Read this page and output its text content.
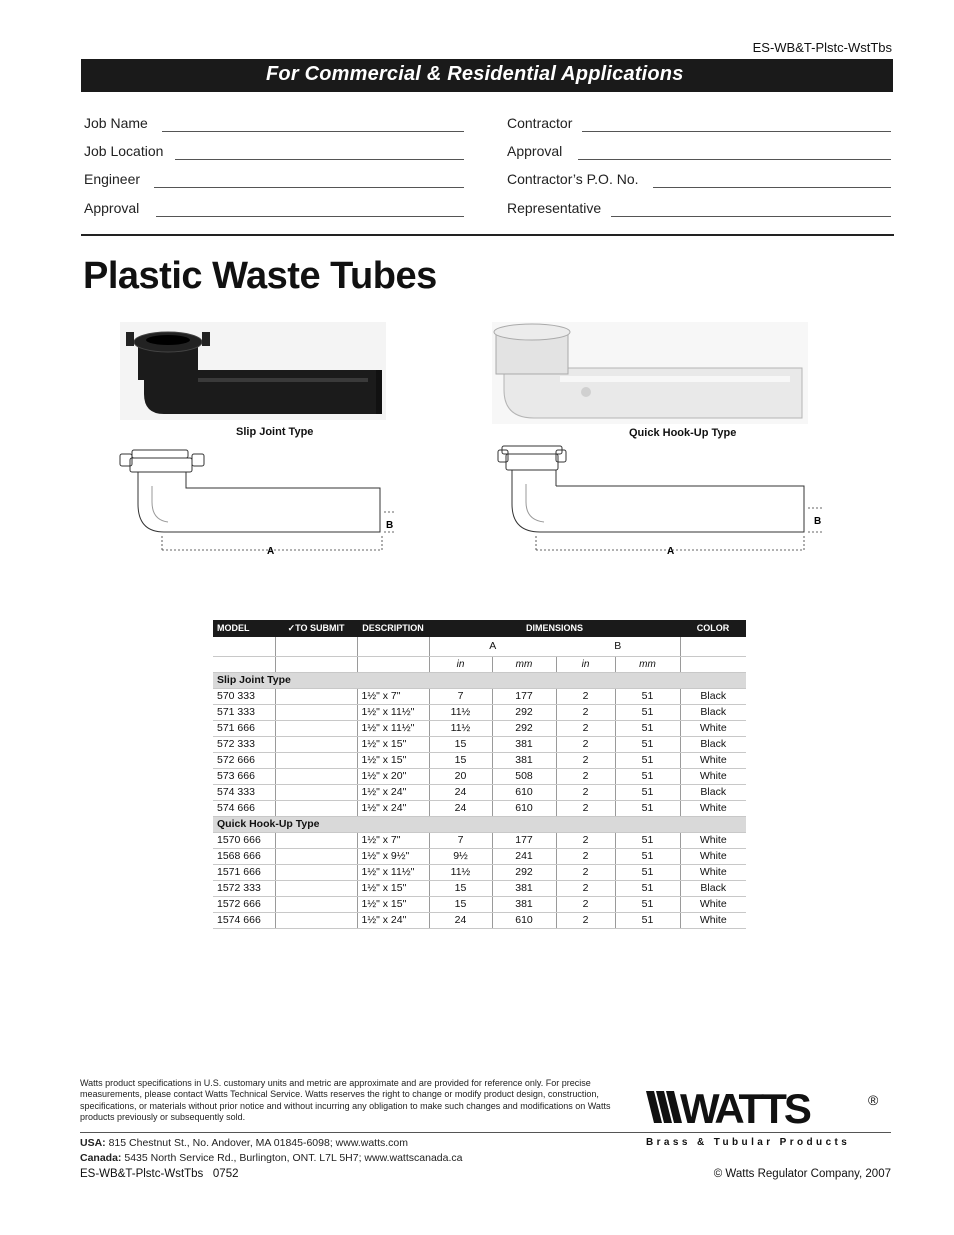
ES-WB&T-Plstc-WstTbs
For Commercial & Residential Applications
Job Name
Job Location
Engineer
Approval
Contractor
Approval
Contractor’s P.O. No.
Representative
Plastic Waste Tubes
Slip Joint Type	Quick Hook-Up Type
A
B
A
B
MODEL	✓TO SUBMIT	DESCRIPTION	DIMENSIONS				COLOR
			A		B		
			in	mm	in	mm	
Slip Joint Type							
570 333		1½" x 7"	7	177	2	51	Black
571 333		1½" x 11½"	11½	292	2	51	Black
571 666		1½" x 11½"	11½	292	2	51	White
572 333		1½" x 15"	15	381	2	51	Black
572 666		1½" x 15"	15	381	2	51	White
573 666		1½" x 20"	20	508	2	51	White
574 333		1½" x 24"	24	610	2	51	Black
574 666		1½" x 24"	24	610	2	51	White
Quick Hook-Up Type							
1570 666		1½" x 7"	7	177	2	51	White
1568 666		1½" x 9½"	9½	241	2	51	White
1571 666		1½" x 11½"	11½	292	2	51	White
1572 333		1½" x 15"	15	381	2	51	Black
1572 666		1½" x 15"	15	381	2	51	White
1574 666		1½" x 24"	24	610	2	51	White
Watts product specifications in U.S. customary units and metric are approximate and are provided for reference only. For precise measurements, please contact Watts Technical Service. Watts reserves the right to change or modify product design, construction, specifications, or materials without prior notice and without incurring any obligation to make such changes and modifications on Watts products previously or subsequently sold.	WATTS	®
Brass & Tubular Products
USA: 815 Chestnut St., No. Andover, MA 01845-6098; www.watts.com
Canada: 5435 North Service Rd., Burlington, ONT. L7L 5H7; www.wattscanada.ca
ES-WB&T-Plstc-WstTbs 0752	© Watts Regulator Company, 2007
